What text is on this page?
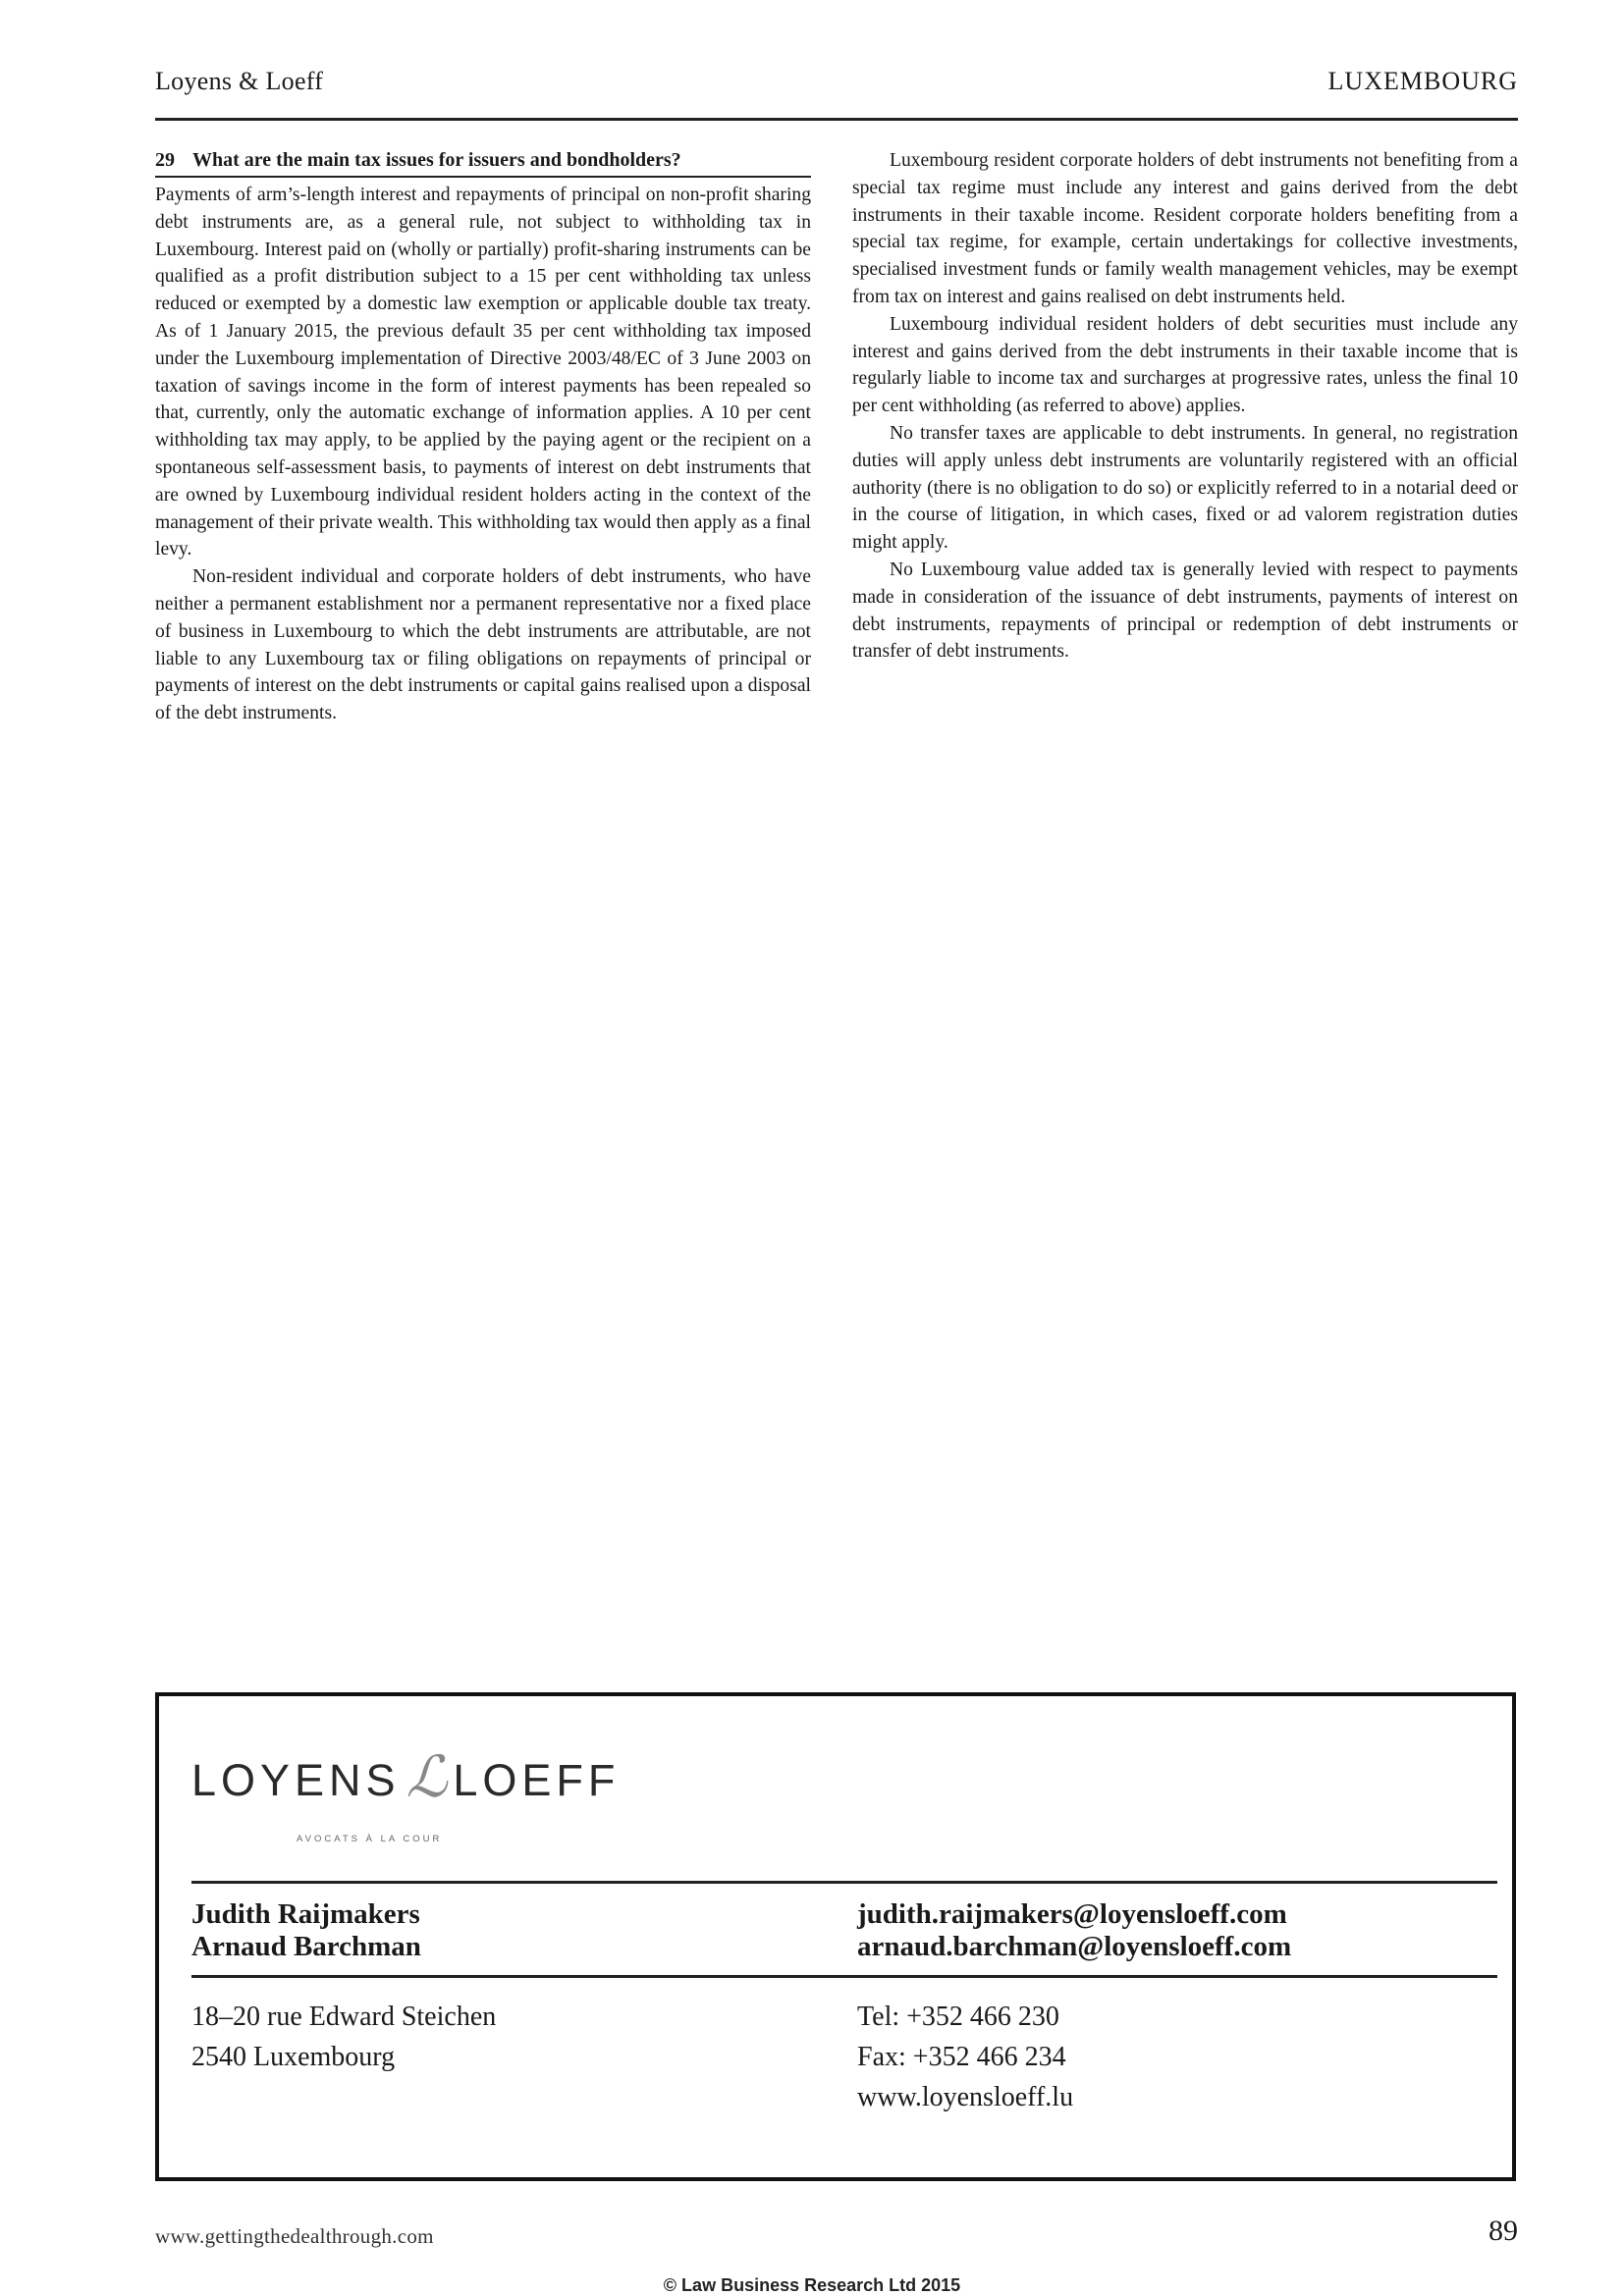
Loyens & Loeff	LUXEMBOURG
29 What are the main tax issues for issuers and bondholders?

Payments of arm’s-length interest and repayments of principal on non-profit sharing debt instruments are, as a general rule, not subject to withholding tax in Luxembourg. Interest paid on (wholly or partially) profit-sharing instruments can be qualified as a profit distribution subject to a 15 per cent withholding tax unless reduced or exempted by a domestic law exemption or applicable double tax treaty. As of 1 January 2015, the previous default 35 per cent withholding tax imposed under the Luxembourg implementation of Directive 2003/48/EC of 3 June 2003 on taxation of savings income in the form of interest payments has been repealed so that, currently, only the automatic exchange of information applies. A 10 per cent withholding tax may apply, to be applied by the paying agent or the recipient on a spontaneous self-assessment basis, to payments of interest on debt instruments that are owned by Luxembourg individual resident holders acting in the context of the management of their private wealth. This withholding tax would then apply as a final levy.

Non-resident individual and corporate holders of debt instruments, who have neither a permanent establishment nor a permanent representative nor a fixed place of business in Luxembourg to which the debt instruments are attributable, are not liable to any Luxembourg tax or filing obligations on repayments of principal or payments of interest on the debt instruments or capital gains realised upon a disposal of the debt instruments.

Luxembourg resident corporate holders of debt instruments not benefiting from a special tax regime must include any interest and gains derived from the debt instruments in their taxable income. Resident corporate holders benefiting from a special tax regime, for example, certain undertakings for collective investments, specialised investment funds or family wealth management vehicles, may be exempt from tax on interest and gains realised on debt instruments held.

Luxembourg individual resident holders of debt securities must include any interest and gains derived from the debt instruments in their taxable income that is regularly liable to income tax and surcharges at progressive rates, unless the final 10 per cent withholding (as referred to above) applies.

No transfer taxes are applicable to debt instruments. In general, no registration duties will apply unless debt instruments are voluntarily registered with an official authority (there is no obligation to do so) or explicitly referred to in a notarial deed or in the course of litigation, in which cases, fixed or ad valorem registration duties might apply.

No Luxembourg value added tax is generally levied with respect to payments made in consideration of the issuance of debt instruments, payments of interest on debt instruments, repayments of principal or redemption of debt instruments or transfer of debt instruments.

LOYENS ℒ LOEFF
AVOCATS À LA COUR
Judith Raijmakers
Arnaud Barchman
judith.raijmakers@loyensloeff.com
arnaud.barchman@loyensloeff.com
18–20 rue Edward Steichen
2540 Luxembourg
Tel: +352 466 230
Fax: +352 466 234
www.loyensloeff.lu
www.gettingthedealthrough.com	89
© Law Business Research Ltd 2015
